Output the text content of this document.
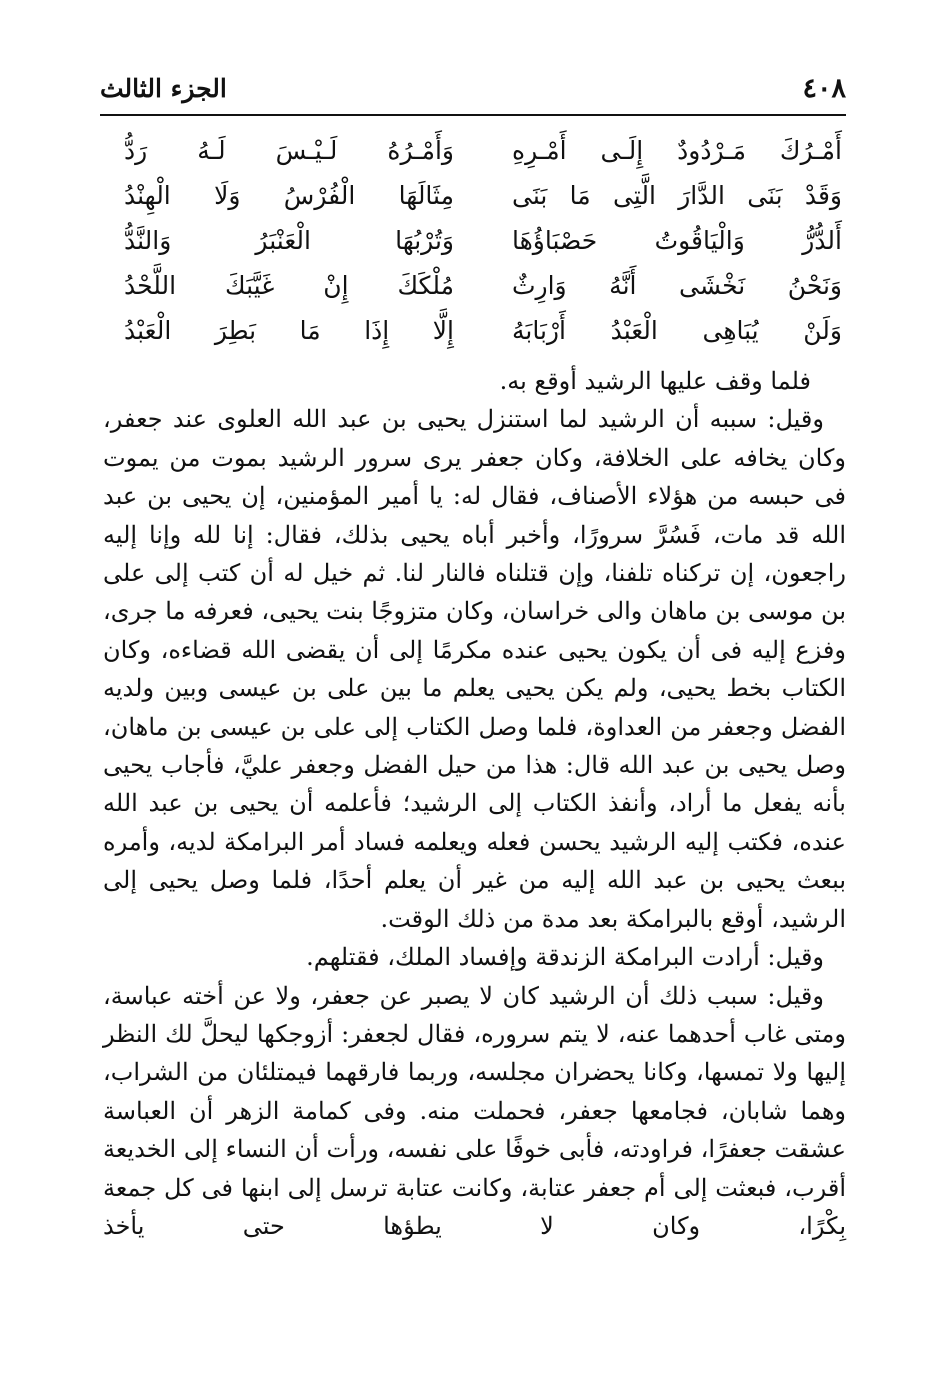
٤٠٨
الجزء الثالث
أَمْـرُكَ مَـرْدُودٌ إِلَـى أَمْـرِهِ
وَأَمْـرُهُ لَـيْـسَ لَـهُ رَدُّ
وَقَدْ بَنَى الدَّارَ الَّتِى مَا بَنَى
مِثَالَهَا الْفُرْسُ وَلَا الْهِنْدُ
أَلدُّرُّ وَالْيَاقُوتُ حَصْبَاؤُهَا
وَتُرْبُهَا الْعَنْبَرُ وَالنَّدُّ
وَنَحْنُ نَخْشَى أَنَّهُ وَارِثٌ
مُلْكَكَ إِنْ غَيَّبَكَ اللَّحْدُ
وَلَنْ يُبَاهِى الْعَبْدُ أَرْبَابَهُ
إِلَّا إِذَا مَا بَطِرَ الْعَبْدُ

فلما وقف عليها الرشيد أوقع به.

وقيل: سببه أن الرشيد لما استنزل يحيى بن عبد الله العلوى عند جعفر، وكان يخافه على الخلافة، وكان جعفر يرى سرور الرشيد بموت من يموت فى حبسه من هؤلاء الأصناف، فقال له: يا أمير المؤمنين، إن يحيى بن عبد الله قد مات، فَسُرَّ سرورًا، وأخبر أباه يحيى بذلك، فقال: إنا لله وإنا إليه راجعون، إن تركناه تلفنا، وإن قتلناه فالنار لنا. ثم خيل له أن كتب إلى على بن موسى بن ماهان والى خراسان، وكان متزوجًا بنت يحيى، فعرفه ما جرى، وفزع إليه فى أن يكون يحيى عنده مكرمًا إلى أن يقضى الله قضاءه، وكان الكتاب بخط يحيى، ولم يكن يحيى يعلم ما بين على بن عيسى وبين ولديه الفضل وجعفر من العداوة، فلما وصل الكتاب إلى على بن عيسى بن ماهان، وصل يحيى بن عبد الله قال: هذا من حيل الفضل وجعفر عليَّ، فأجاب يحيى بأنه يفعل ما أراد، وأنفذ الكتاب إلى الرشيد؛ فأعلمه أن يحيى بن عبد الله عنده، فكتب إليه الرشيد يحسن فعله ويعلمه فساد أمر البرامكة لديه، وأمره ببعث يحيى بن عبد الله إليه من غير أن يعلم أحدًا، فلما وصل يحيى إلى الرشيد، أوقع بالبرامكة بعد مدة من ذلك الوقت.

وقيل: أرادت البرامكة الزندقة وإفساد الملك، فقتلهم.

وقيل: سبب ذلك أن الرشيد كان لا يصبر عن جعفر، ولا عن أخته عباسة، ومتى غاب أحدهما عنه، لا يتم سروره، فقال لجعفر: أزوجكها ليحلَّ لك النظر إليها ولا تمسها، وكانا يحضران مجلسه، وربما فارقهما فيمتلئان من الشراب، وهما شابان، فجامعها جعفر، فحملت منه. وفى كمامة الزهر أن العباسة عشقت جعفرًا، فراودته، فأبى خوفًا على نفسه، ورأت أن النساء إلى الخديعة أقرب، فبعثت إلى أم جعفر عتابة، وكانت عتابة ترسل إلى ابنها فى كل جمعة بِكْرًا، وكان لا يطؤها حتى يأخذ
